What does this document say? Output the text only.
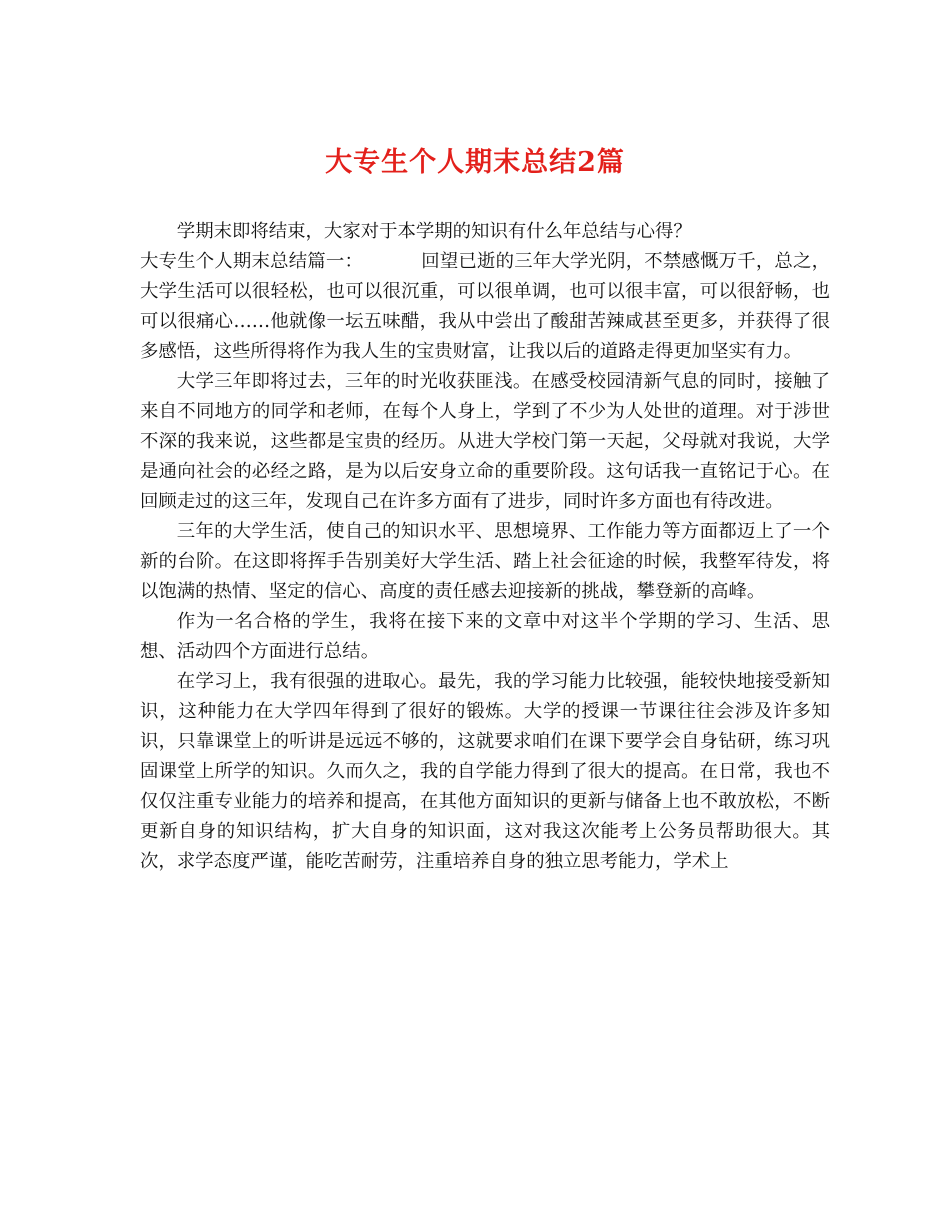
大专生个人期末总结2篇

学期末即将结束，大家对于本学期的知识有什么年总结与心得？

大专生个人期末总结篇一：	回望已逝的三年大学光阴，不禁感慨万千，总之，大学生活可以很轻松，也可以很沉重，可以很单调，也可以很丰富，可以很舒畅，也可以很痛心……他就像一坛五味醋，我从中尝出了酸甜苦辣咸甚至更多，并获得了很多感悟，这些所得将作为我人生的宝贵财富，让我以后的道路走得更加坚实有力。

大学三年即将过去，三年的时光收获匪浅。在感受校园清新气息的同时，接触了来自不同地方的同学和老师，在每个人身上，学到了不少为人处世的道理。对于涉世不深的我来说，这些都是宝贵的经历。从进大学校门第一天起，父母就对我说，大学是通向社会的必经之路，是为以后安身立命的重要阶段。这句话我一直铭记于心。在回顾走过的这三年，发现自己在许多方面有了进步，同时许多方面也有待改进。

三年的大学生活，使自己的知识水平、思想境界、工作能力等方面都迈上了一个新的台阶。在这即将挥手告别美好大学生活、踏上社会征途的时候，我整军待发，将以饱满的热情、坚定的信心、高度的责任感去迎接新的挑战，攀登新的高峰。

作为一名合格的学生，我将在接下来的文章中对这半个学期的学习、生活、思想、活动四个方面进行总结。

在学习上，我有很强的进取心。最先，我的学习能力比较强，能较快地接受新知识，这种能力在大学四年得到了很好的锻炼。大学的授课一节课往往会涉及许多知识，只靠课堂上的听讲是远远不够的，这就要求咱们在课下要学会自身钻研，练习巩固课堂上所学的知识。久而久之，我的自学能力得到了很大的提高。在日常，我也不仅仅注重专业能力的培养和提高，在其他方面知识的更新与储备上也不敢放松，不断更新自身的知识结构，扩大自身的知识面，这对我这次能考上公务员帮助很大。其次，求学态度严谨，能吃苦耐劳，注重培养自身的独立思考能力，学术上
